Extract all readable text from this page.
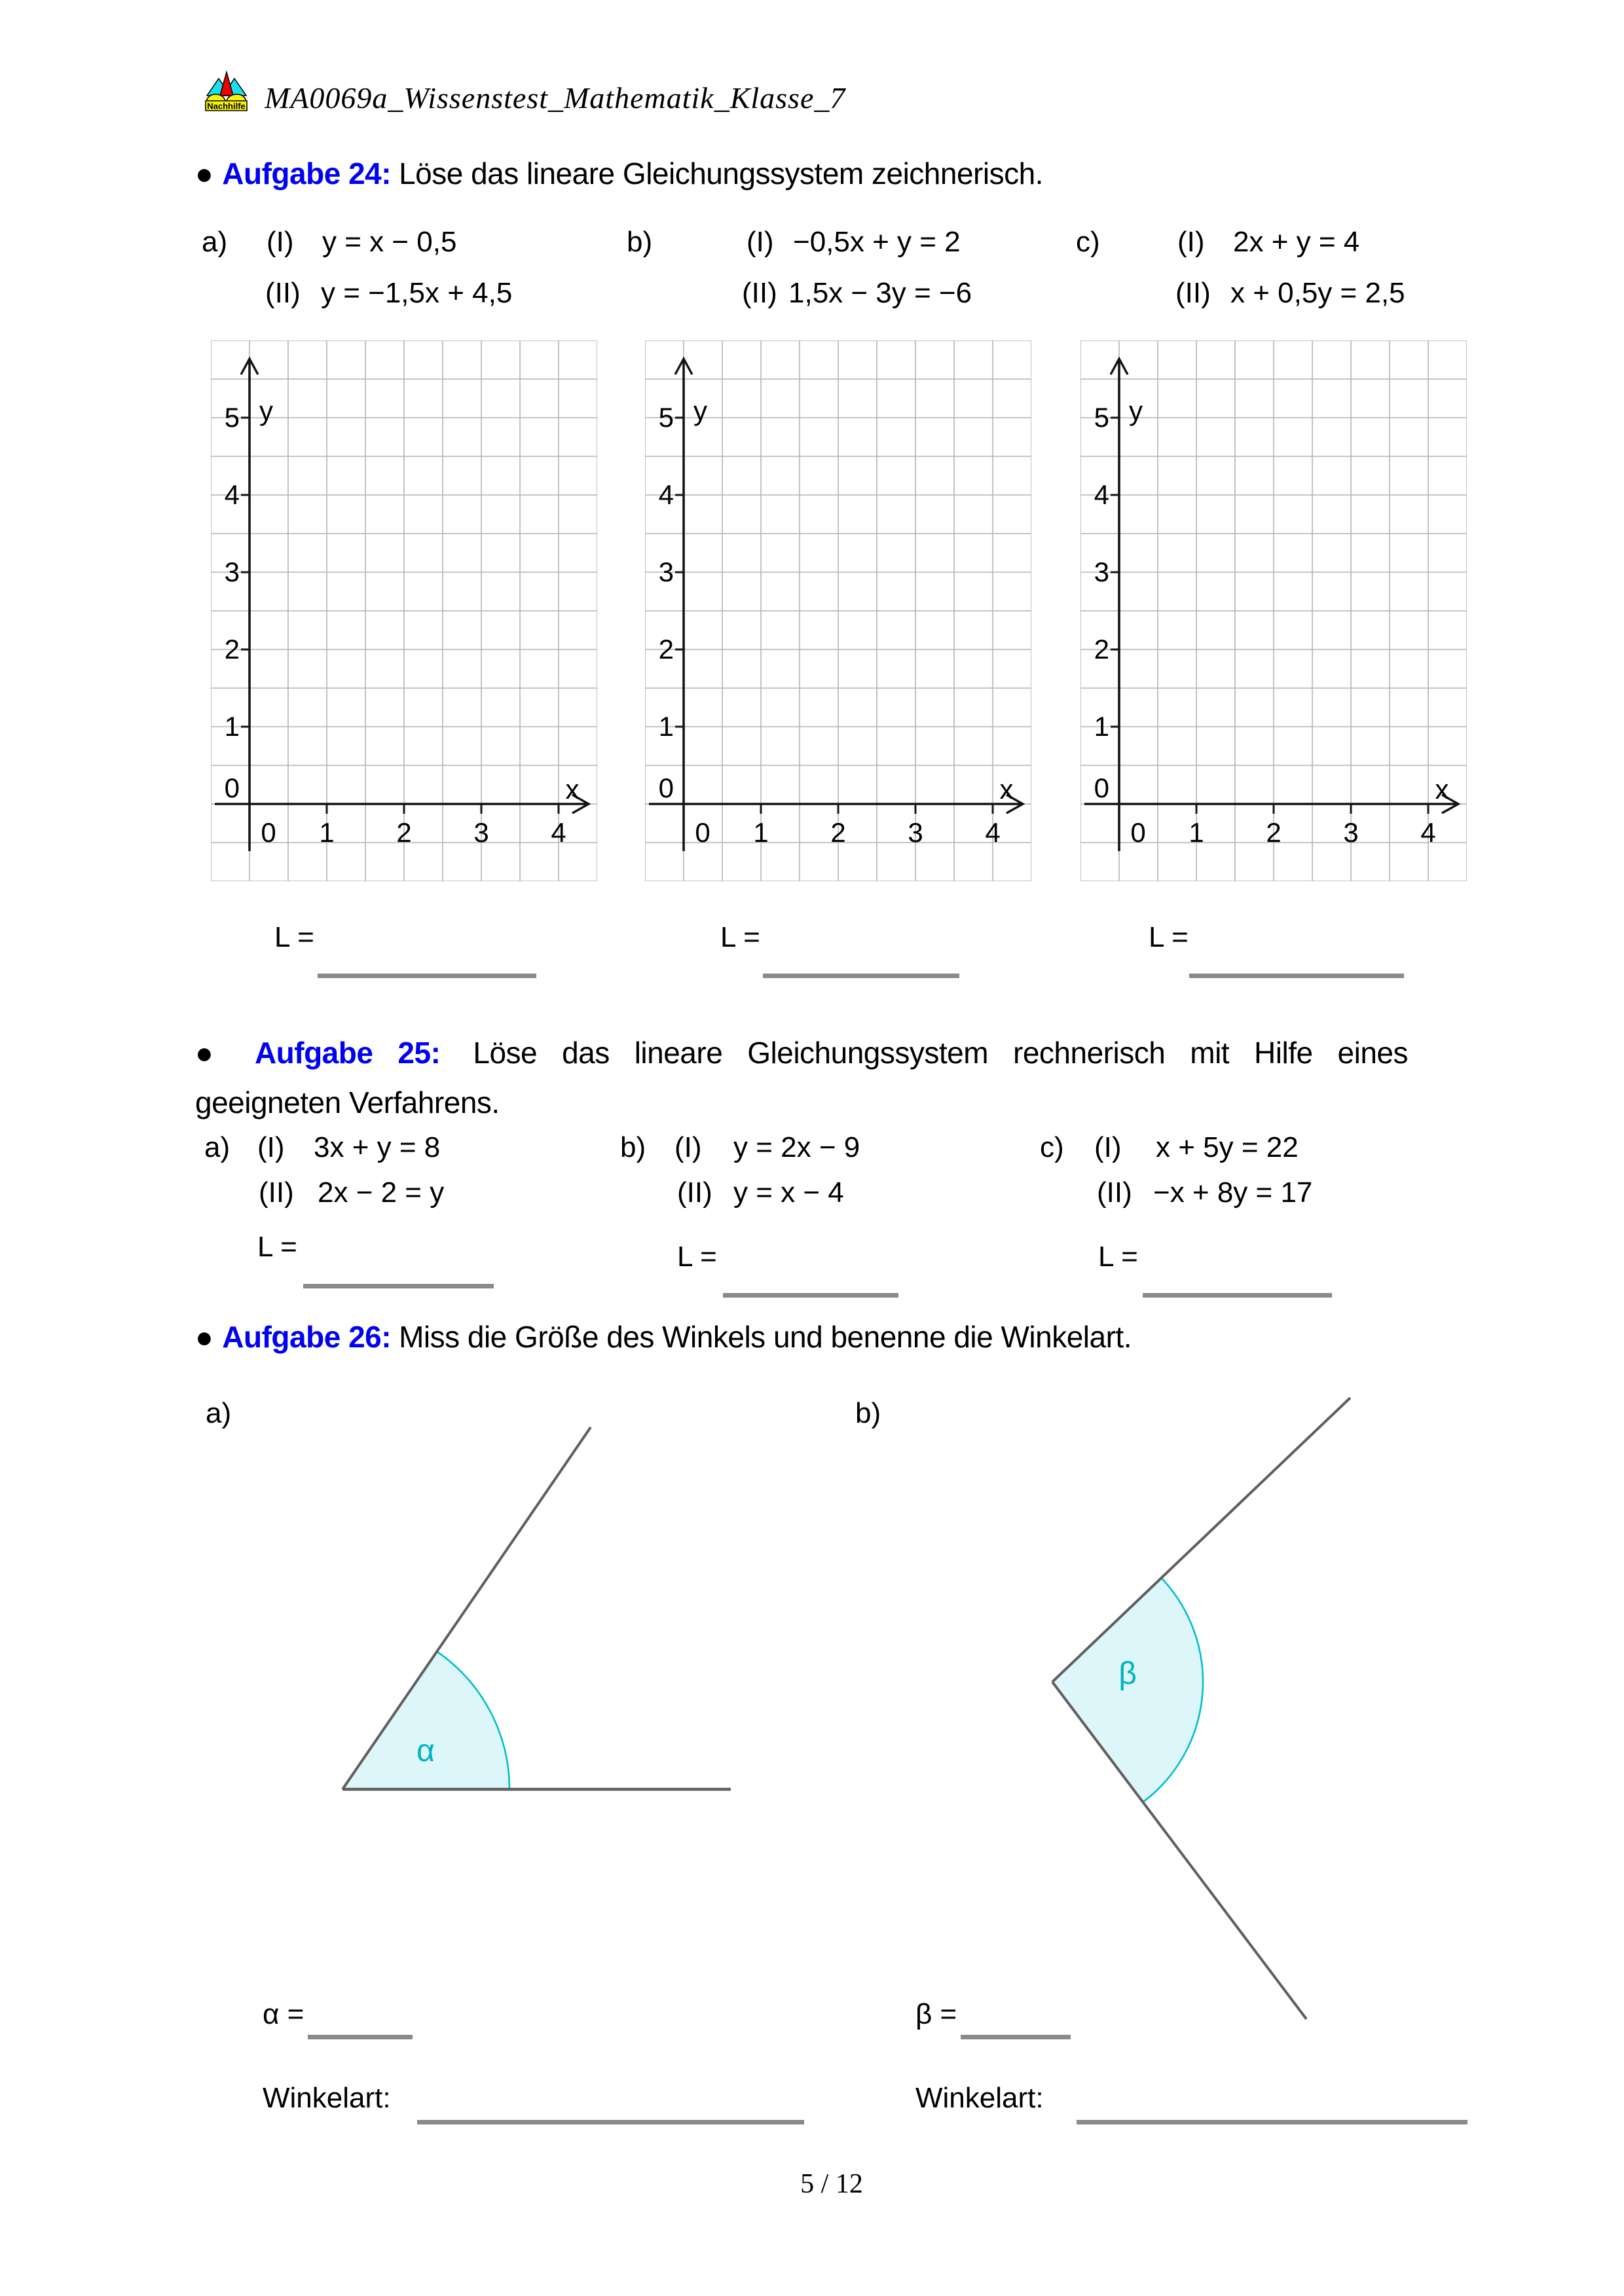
Nachhilfe MA0069a_Wissenstest_Mathematik_Klasse_7
● Aufgabe 24: Löse das lineare Gleichungssystem zeichnerisch.
a) (I) y = x − 0,5
(II) y = −1,5x + 4,5
b)	(I) −0,5x + y = 2
(II) 1,5x − 3y = −6
c)	(I) 2x + y = 4
(II) x + 0,5y = 2,5
5
4
3
2
1
0
0 1 2 3 4
y
x
5
4
3
2
1
0
0 1 2 3 4
y
x
5
4
3
2
1
0
0 1 2 3 4
y
x
L =	L =	L =
● Aufgabe 25: Löse das lineare Gleichungssystem rechnerisch mit Hilfe eines
geeigneten Verfahrens.
a) (I) 3x + y = 8
(II) 2x − 2 = y
b) (I) y = 2x − 9
(II) y = x − 4
c) (I) x + 5y = 22
(II) −x + 8y = 17
L =	L =	L =
● Aufgabe 26: Miss die Größe des Winkels und benenne die Winkelart.
a)	b)
α
β
α =	β =
Winkelart:	Winkelart:
5 / 12
